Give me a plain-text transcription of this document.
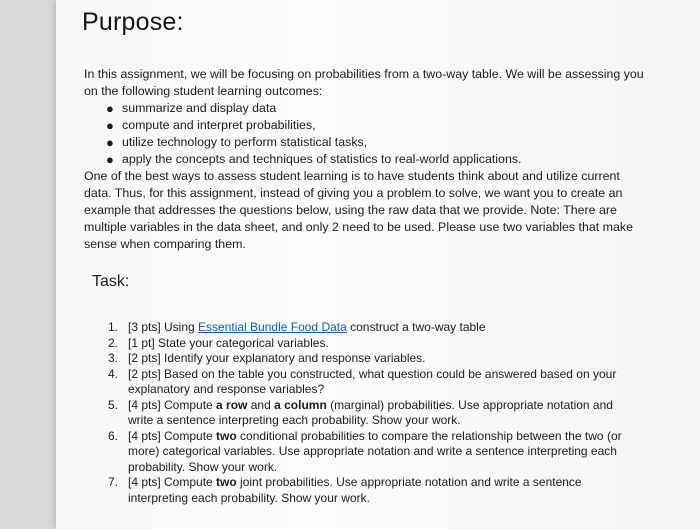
Purpose:

In this assignment, we will be focusing on probabilities from a two-way table. We will be assessing you on the following student learning outcomes:

● summarize and display data
● compute and interpret probabilities,
● utilize technology to perform statistical tasks,
● apply the concepts and techniques of statistics to real-world applications.

One of the best ways to assess student learning is to have students think about and utilize current data. Thus, for this assignment, instead of giving you a problem to solve, we want you to create an example that addresses the questions below, using the raw data that we provide. Note: There are multiple variables in the data sheet, and only 2 need to be used. Please use two variables that make sense when comparing them.

Task:
1. [3 pts] Using Essential Bundle Food Data construct a two-way table
2. [1 pt] State your categorical variables.
3. [2 pts] Identify your explanatory and response variables.
4. [2 pts] Based on the table you constructed, what question could be answered based on your explanatory and response variables?
5. [4 pts] Compute a row and a column (marginal) probabilities. Use appropriate notation and write a sentence interpreting each probability. Show your work.
6. [4 pts] Compute two conditional probabilities to compare the relationship between the two (or more) categorical variables. Use appropriate notation and write a sentence interpreting each probability. Show your work.
7. [4 pts] Compute two joint probabilities. Use appropriate notation and write a sentence interpreting each probability. Show your work.
